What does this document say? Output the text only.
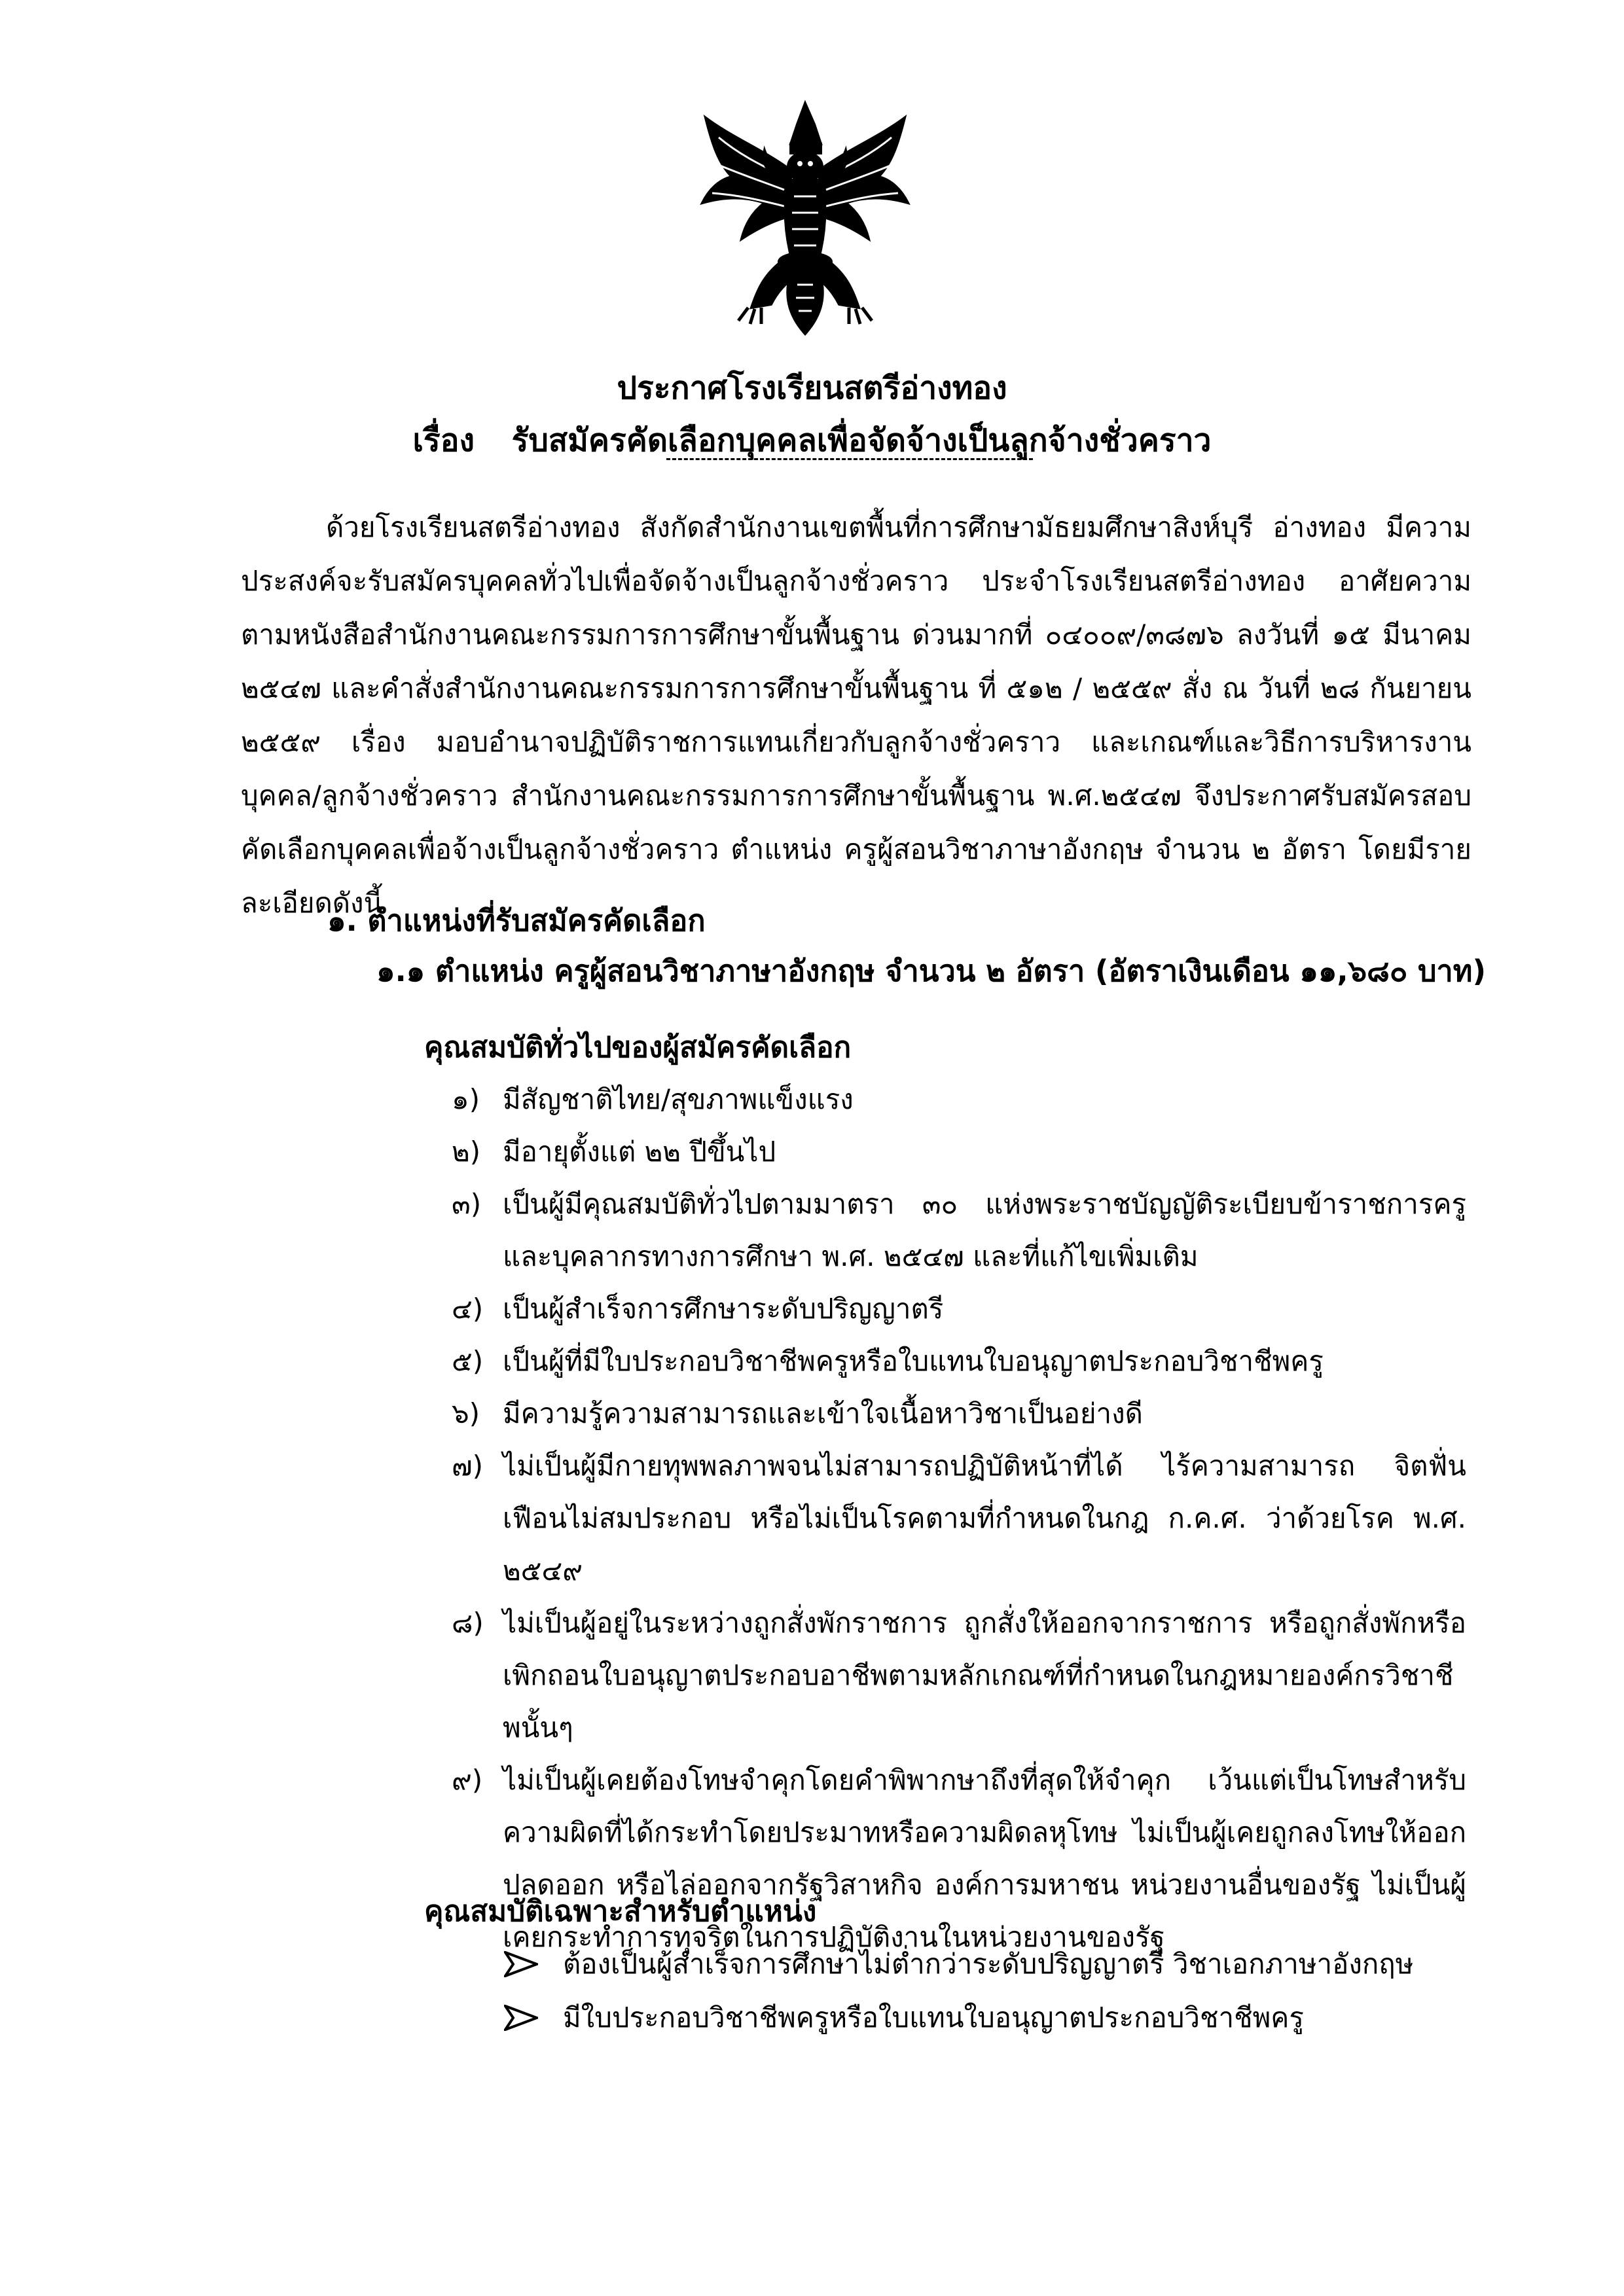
ประกาศโรงเรียนสตรีอ่างทอง
เรื่อง รับสมัครคัดเลือกบุคคลเพื่อจัดจ้างเป็นลูกจ้างชั่วคราว
ด้วยโรงเรียนสตรีอ่างทอง สังกัดสำนักงานเขตพื้นที่การศึกษามัธยมศึกษาสิงห์บุรี อ่างทอง มีความประสงค์จะรับสมัครบุคคลทั่วไปเพื่อจัดจ้างเป็นลูกจ้างชั่วคราว ประจำโรงเรียนสตรีอ่างทอง อาศัยความตามหนังสือสำนักงานคณะกรรมการการศึกษาขั้นพื้นฐาน ด่วนมากที่ ๐๔๐๐๙/๓๘๗๖ ลงวันที่ ๑๕ มีนาคม ๒๕๔๗ และคำสั่งสำนักงานคณะกรรมการการศึกษาขั้นพื้นฐาน ที่ ๕๑๒ / ๒๕๕๙ สั่ง ณ วันที่ ๒๘ กันยายน ๒๕๕๙ เรื่อง มอบอำนาจปฏิบัติราชการแทนเกี่ยวกับลูกจ้างชั่วคราว และเกณฑ์และวิธีการบริหารงานบุคคล/ลูกจ้างชั่วคราว สำนักงานคณะกรรมการการศึกษาขั้นพื้นฐาน พ.ศ.๒๕๔๗ จึงประกาศรับสมัครสอบคัดเลือกบุคคลเพื่อจ้างเป็นลูกจ้างชั่วคราว ตำแหน่ง ครูผู้สอนวิชาภาษาอังกฤษ จำนวน ๒ อัตรา โดยมีรายละเอียดดังนี้
๑. ตำแหน่งที่รับสมัครคัดเลือก
๑.๑ ตำแหน่ง ครูผู้สอนวิชาภาษาอังกฤษ จำนวน ๒ อัตรา (อัตราเงินเดือน ๑๑,๖๘๐ บาท)
คุณสมบัติทั่วไปของผู้สมัครคัดเลือก
๑) มีสัญชาติไทย/สุขภาพแข็งแรง
๒) มีอายุตั้งแต่ ๒๒ ปีขึ้นไป
๓) เป็นผู้มีคุณสมบัติทั่วไปตามมาตรา ๓๐ แห่งพระราชบัญญัติระเบียบข้าราชการครูและบุคลากรทางการศึกษา พ.ศ. ๒๕๔๗ และที่แก้ไขเพิ่มเติม
๔) เป็นผู้สำเร็จการศึกษาระดับปริญญาตรี
๕) เป็นผู้ที่มีใบประกอบวิชาชีพครูหรือใบแทนใบอนุญาตประกอบวิชาชีพครู
๖) มีความรู้ความสามารถและเข้าใจเนื้อหาวิชาเป็นอย่างดี
๗) ไม่เป็นผู้มีกายทุพพลภาพจนไม่สามารถปฏิบัติหน้าที่ได้ ไร้ความสามารถ จิตฟั่นเฟือนไม่สมประกอบ หรือไม่เป็นโรคตามที่กำหนดในกฎ ก.ค.ศ. ว่าด้วยโรค พ.ศ. ๒๕๔๙
๘) ไม่เป็นผู้อยู่ในระหว่างถูกสั่งพักราชการ ถูกสั่งให้ออกจากราชการ หรือถูกสั่งพักหรือเพิกถอนใบอนุญาตประกอบอาชีพตามหลักเกณฑ์ที่กำหนดในกฎหมายองค์กรวิชาชีพนั้นๆ
๙) ไม่เป็นผู้เคยต้องโทษจำคุกโดยคำพิพากษาถึงที่สุดให้จำคุก เว้นแต่เป็นโทษสำหรับความผิดที่ได้กระทำโดยประมาทหรือความผิดลหุโทษ ไม่เป็นผู้เคยถูกลงโทษให้ออกปลดออก หรือไล่ออกจากรัฐวิสาหกิจ องค์การมหาชน หน่วยงานอื่นของรัฐ ไม่เป็นผู้เคยกระทำการทุจริตในการปฏิบัติงานในหน่วยงานของรัฐ
คุณสมบัติเฉพาะสำหรับตำแหน่ง
ต้องเป็นผู้สำเร็จการศึกษาไม่ต่ำกว่าระดับปริญญาตรี วิชาเอกภาษาอังกฤษ
มีใบประกอบวิชาชีพครูหรือใบแทนใบอนุญาตประกอบวิชาชีพครู
